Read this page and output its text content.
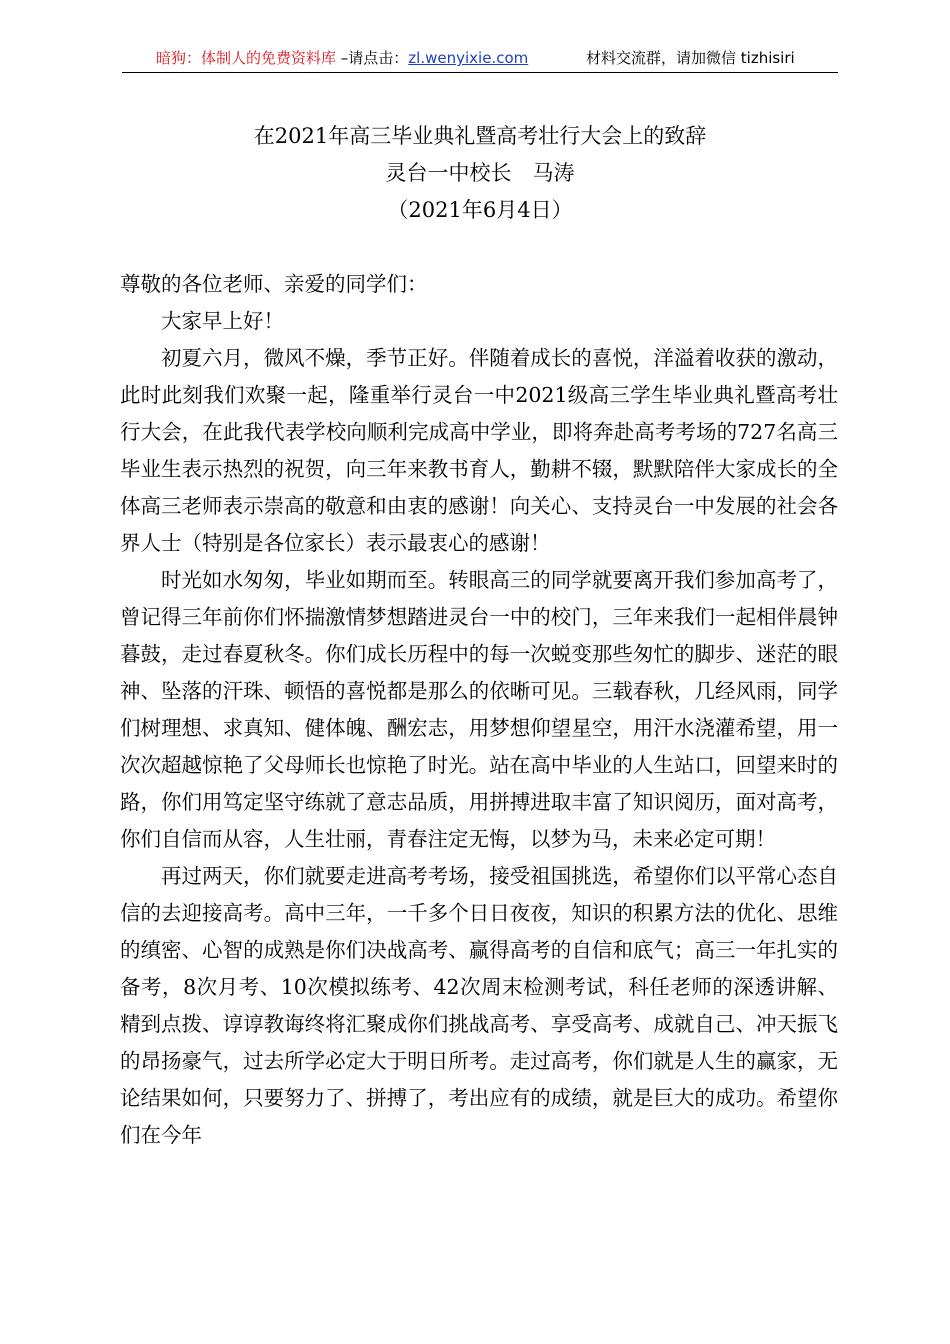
暗狗：体制人的免费资料库 –请点击：zl.wenyixie.com	材料交流群，请加微信 tizhisiri
在2021年高三毕业典礼暨高考壮行大会上的致辞
灵台一中校长　马涛
（2021年6月4日）

尊敬的各位老师、亲爱的同学们：

大家早上好！

初夏六月，微风不燥，季节正好。伴随着成长的喜悦，洋溢着收获的激动，此时此刻我们欢聚一起，隆重举行灵台一中2021级高三学生毕业典礼暨高考壮行大会，在此我代表学校向顺利完成高中学业，即将奔赴高考考场的727名高三毕业生表示热烈的祝贺，向三年来教书育人，勤耕不辍，默默陪伴大家成长的全体高三老师表示崇高的敬意和由衷的感谢！向关心、支持灵台一中发展的社会各界人士（特别是各位家长）表示最衷心的感谢！

时光如水匆匆，毕业如期而至。转眼高三的同学就要离开我们参加高考了，曾记得三年前你们怀揣激情梦想踏进灵台一中的校门，三年来我们一起相伴晨钟暮鼓，走过春夏秋冬。你们成长历程中的每一次蜕变那些匆忙的脚步、迷茫的眼神、坠落的汗珠、顿悟的喜悦都是那么的依晰可见。三载春秋，几经风雨，同学们树理想、求真知、健体魄、酬宏志，用梦想仰望星空，用汗水浇灌希望，用一次次超越惊艳了父母师长也惊艳了时光。站在高中毕业的人生站口，回望来时的路，你们用笃定坚守练就了意志品质，用拼搏进取丰富了知识阅历，面对高考，你们自信而从容，人生壮丽，青春注定无悔，以梦为马，未来必定可期！

再过两天，你们就要走进高考考场，接受祖国挑选，希望你们以平常心态自信的去迎接高考。高中三年，一千多个日日夜夜，知识的积累方法的优化、思维的缜密、心智的成熟是你们决战高考、赢得高考的自信和底气；高三一年扎实的备考，8次月考、10次模拟练考、42次周末检测考试，科任老师的深透讲解、精到点拨、谆谆教诲终将汇聚成你们挑战高考、享受高考、成就自己、冲天振飞的昂扬豪气，过去所学必定大于明日所考。走过高考，你们就是人生的赢家，无论结果如何，只要努力了、拼搏了，考出应有的成绩，就是巨大的成功。希望你们在今年
